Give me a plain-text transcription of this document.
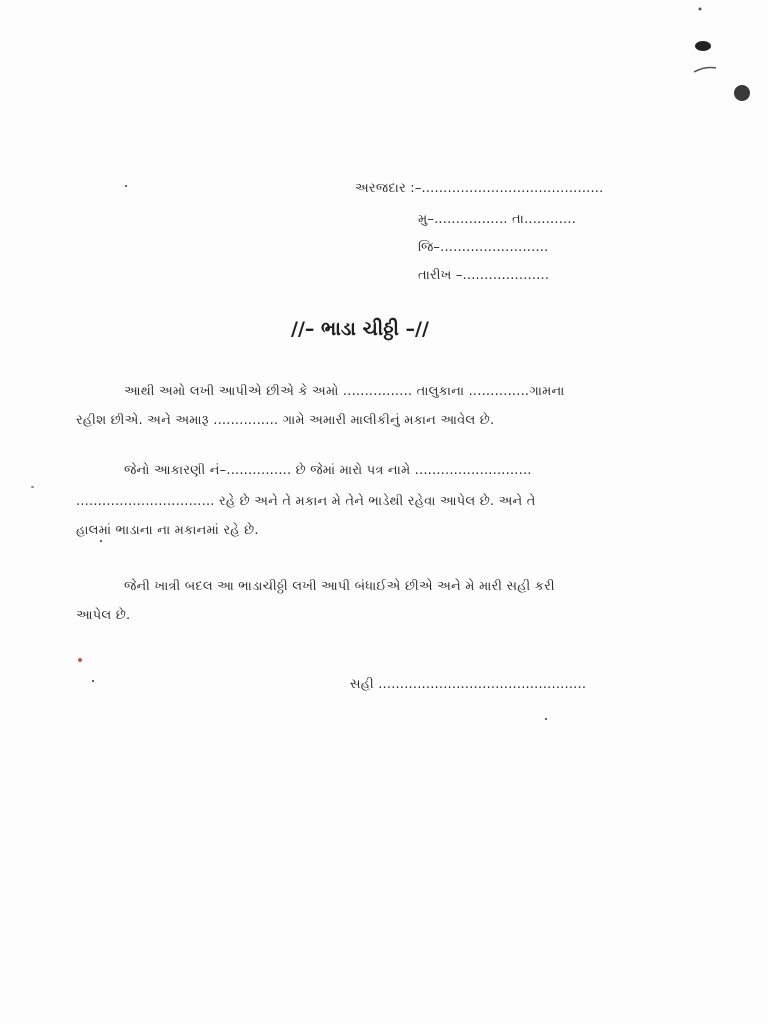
અરજદાર :–..........................................
મુ–................. તા............
જિ–.........................
તારીખ –....................
//– ભાડા ચીઠ્ઠી –//
આથી અમો લખી આપીએ છીએ કે અમો ................ તાલુકાના ..............ગામના
રહીશ છીએ. અને અમારૂ ............... ગામે અમારી માલીકીનું મકાન આવેલ છે.
જેનો આકારણી નં–............... છે જેમાં મારો પત્ર નામે ...........................
................................ રહે છે અને તે મકાન મે તેને ભાડેથી રહેવા આપેલ છે. અને તે
હાલમાં ભાડાના ના મકાનમાં રહે છે.
જેની ખાત્રી બદલ આ ભાડાચીઠ્ઠી લખી આપી બંધાઈએ છીએ અને મે મારી સહી કરી
આપેલ છે.
સહી ................................................
